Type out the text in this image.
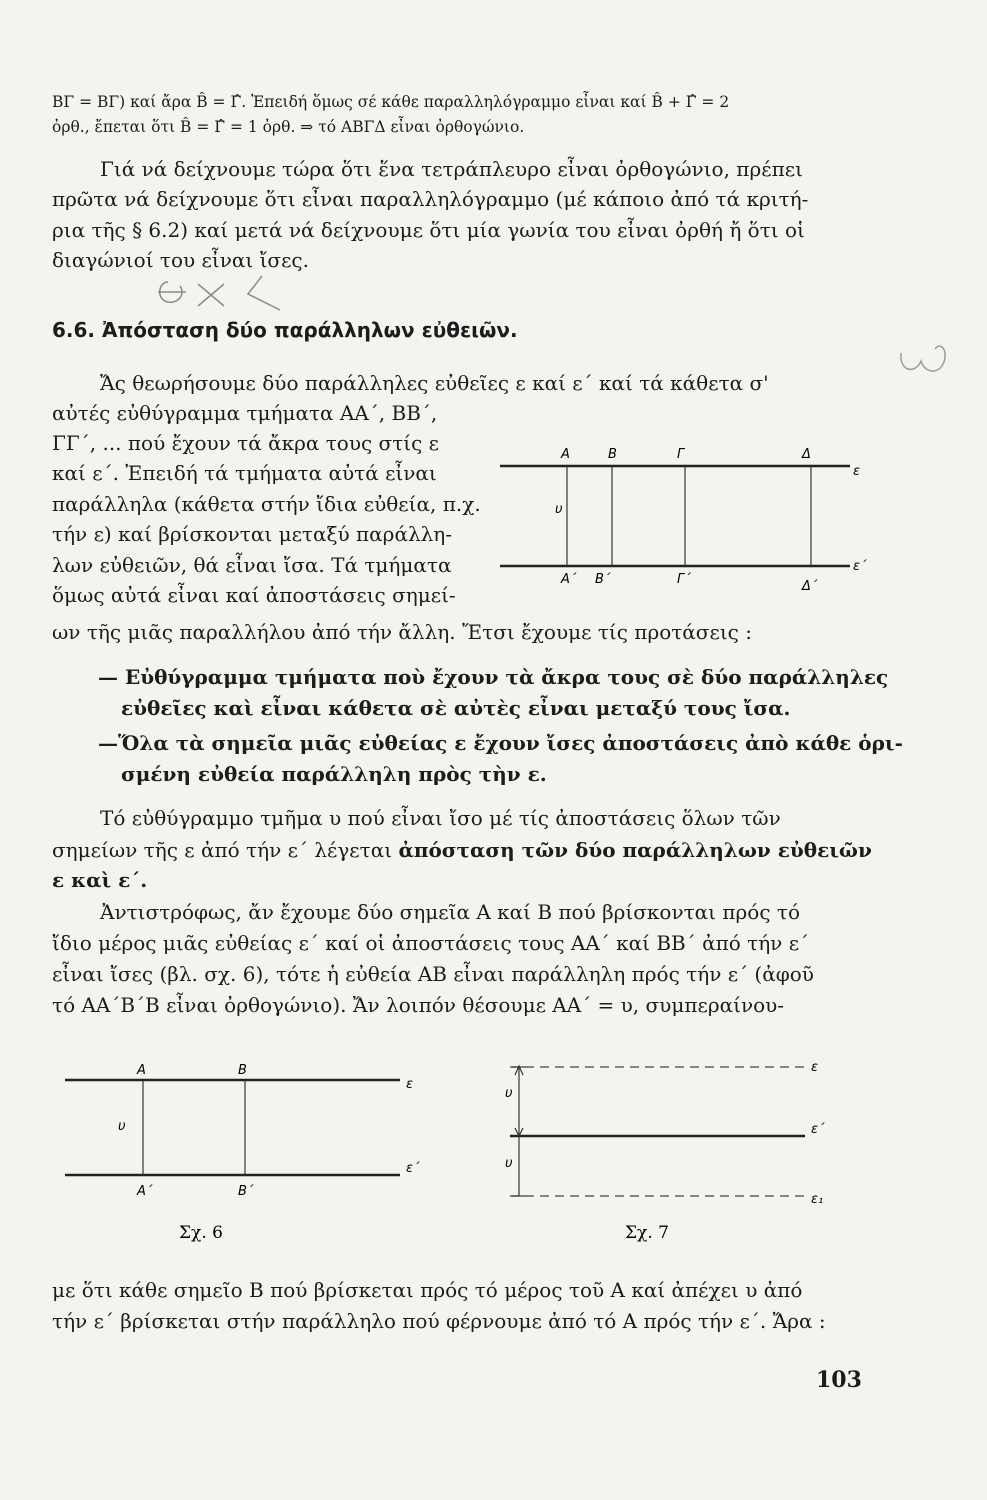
ΒΓ = ΒΓ) καί ἄρα B̂ = Γ̂. Ἐπειδή ὅμως σέ κάθε παραλληλόγραμμο εἶναι καί B̂ + Γ̂ = 2
ὀρθ., ἔπεται ὅτι B̂ = Γ̂ = 1 ὀρθ. ⇒ τό ΑΒΓΔ εἶναι ὀρθογώνιο.
Γιά νά δείχνουμε τώρα ὅτι ἕνα τετράπλευρο εἶναι ὀρθογώνιο, πρέπει
πρῶτα νά δείχνουμε ὅτι εἶναι παραλληλόγραμμο (μέ κάποιο ἀπό τά κριτή-
ρια τῆς § 6.2) καί μετά νά δείχνουμε ὅτι μία γωνία του εἶναι ὀρθή ἤ ὅτι οἱ
διαγώνιοί του εἶναι ἴσες.
6.6. Ἀπόσταση δύο παράλληλων εὐθειῶν.
Ἄς θεωρήσουμε δύο παράλληλες εὐθεῖες ε καί ε΄ καί τά κάθετα σ'
αὐτές εὐθύγραμμα τμήματα ΑΑ΄, ΒΒ΄,
ΓΓ΄, ... πού ἔχουν τά ἄκρα τους στίς ε
καί ε΄. Ἐπειδή τά τμήματα αὐτά εἶναι
παράλληλα (κάθετα στήν ἴδια εὐθεία, π.χ.
τήν ε) καί βρίσκονται μεταξύ παράλλη-
λων εὐθειῶν, θά εἶναι ἴσα. Τά τμήματα
ὅμως αὐτά εἶναι καί ἀποστάσεις σημεί-
ων τῆς μιᾶς παραλλήλου ἀπό τήν ἄλλη. Ἔτσι ἔχουμε τίς προτάσεις :
A	B	Γ	Δ
ε
υ
A΄ B΄	Γ΄	Δ΄
ε΄
— Εὐθύγραμμα τμήματα ποὺ ἔχουν τὰ ἄκρα τους σὲ δύο παράλληλες
εὐθεῖες καὶ εἶναι κάθετα σὲ αὐτὲς εἶναι μεταξύ τους ἴσα.
—Ὅλα τὰ σημεῖα μιᾶς εὐθείας ε ἔχουν ἴσες ἀποστάσεις ἀπὸ κάθε ὁρι-
σμένη εὐθεία παράλληλη πρὸς τὴν ε.
Τό εὐθύγραμμο τμῆμα υ πού εἶναι ἴσο μέ τίς ἀποστάσεις ὅλων τῶν
σημείων τῆς ε ἀπό τήν ε΄ λέγεται ἀπόσταση τῶν δύο παράλληλων εὐθειῶν
ε καὶ ε΄.
Ἀντιστρόφως, ἄν ἔχουμε δύο σημεῖα Α καί Β πού βρίσκονται πρός τό
ἴδιο μέρος μιᾶς εὐθείας ε΄ καί οἱ ἀποστάσεις τους ΑΑ΄ καί ΒΒ΄ ἀπό τήν ε΄
εἶναι ἴσες (βλ. σχ. 6), τότε ἡ εὐθεία ΑΒ εἶναι παράλληλη πρός τήν ε΄ (ἀφοῦ
τό ΑΑ΄Β΄Β εἶναι ὀρθογώνιο). Ἄν λοιπόν θέσουμε ΑΑ΄ = υ, συμπεραίνου-
A	B
ε
υ
A΄	B΄
ε΄
Σχ. 6
ε
υ
ε΄
υ
ε₁
Σχ. 7
με ὅτι κάθε σημεῖο Β πού βρίσκεται πρός τό μέρος τοῦ Α καί ἀπέχει υ ἀπό
τήν ε΄ βρίσκεται στήν παράλληλο πού φέρνουμε ἀπό τό Α πρός τήν ε΄. Ἄρα :
103
